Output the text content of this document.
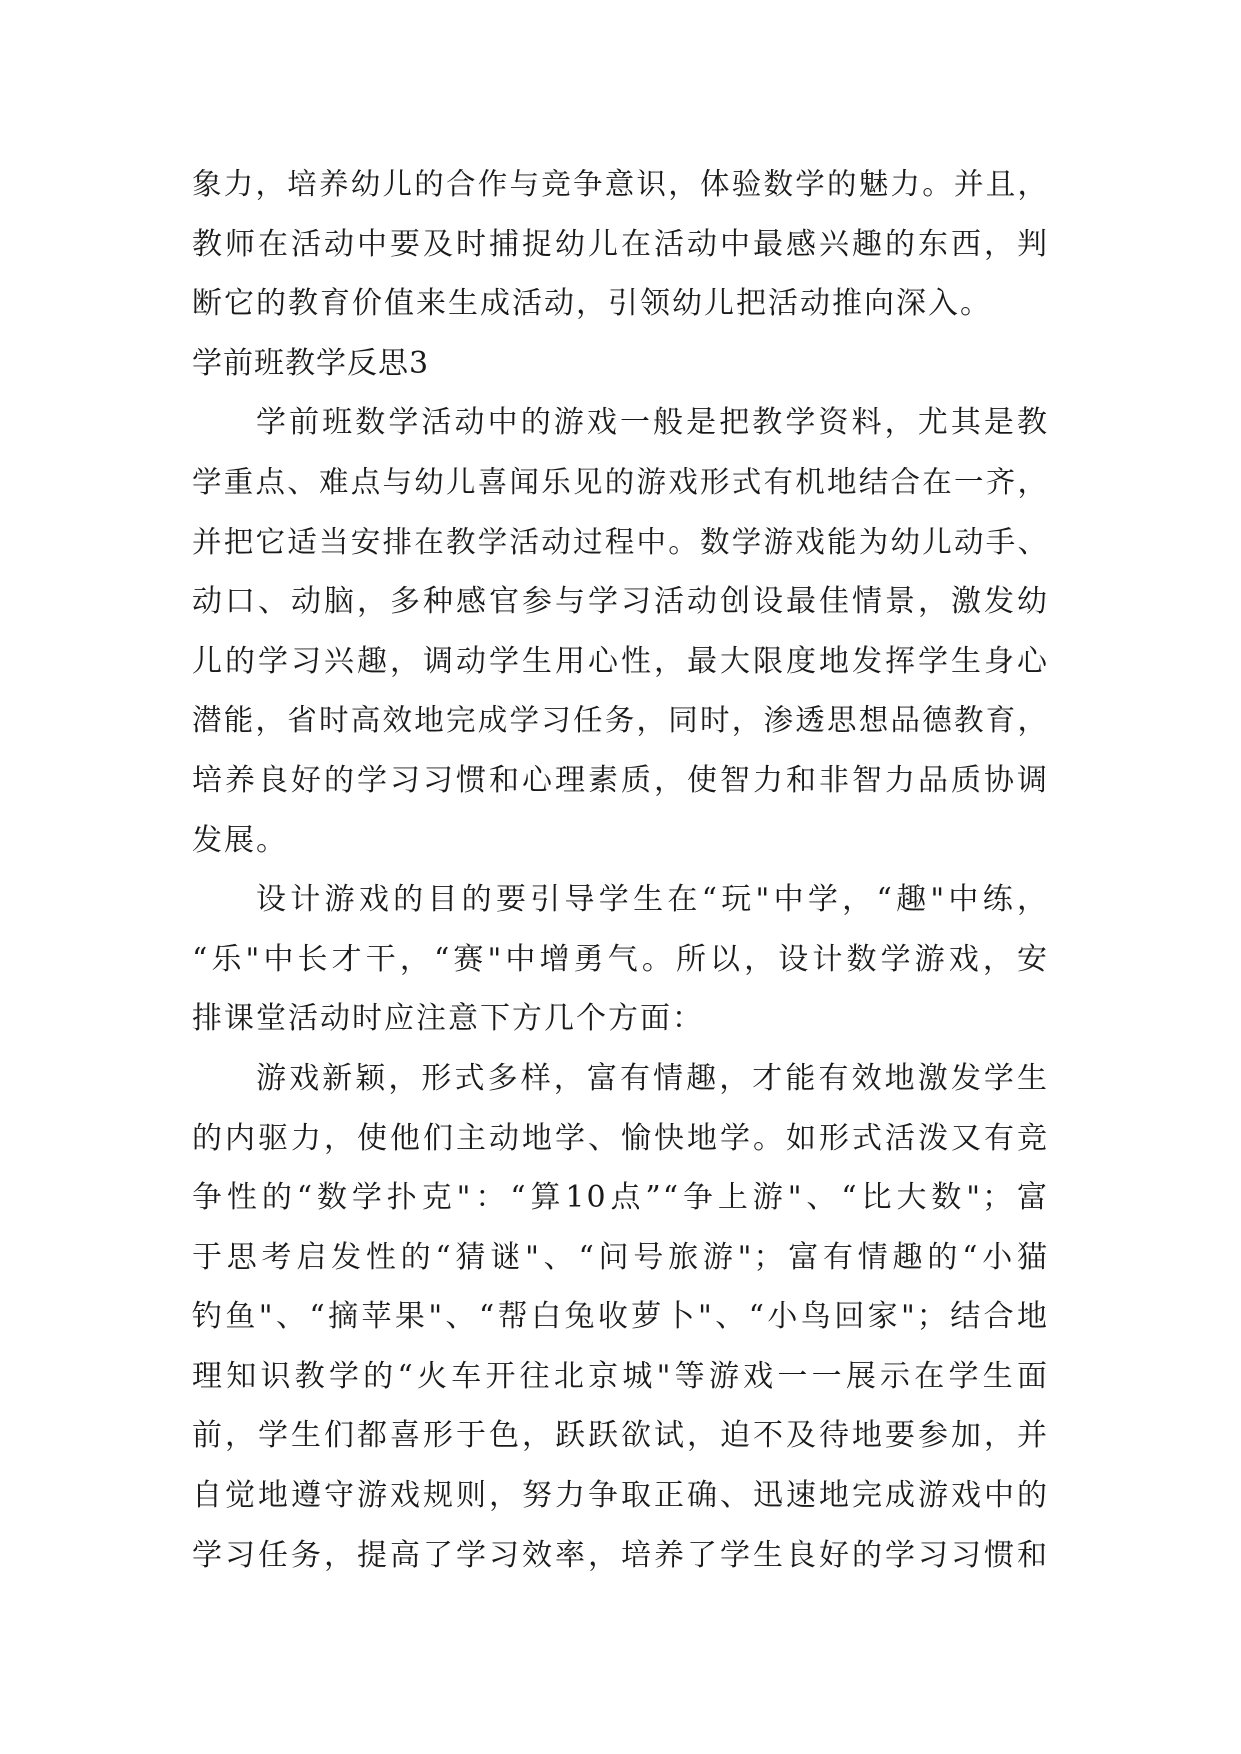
象力，培养幼儿的合作与竞争意识，体验数学的魅力。并且，
教师在活动中要及时捕捉幼儿在活动中最感兴趣的东西，判
断它的教育价值来生成活动，引领幼儿把活动推向深入。
学前班教学反思3
学前班数学活动中的游戏一般是把教学资料，尤其是教
学重点、难点与幼儿喜闻乐见的游戏形式有机地结合在一齐，
并把它适当安排在教学活动过程中。数学游戏能为幼儿动手、
动口、动脑，多种感官参与学习活动创设最佳情景，激发幼
儿的学习兴趣，调动学生用心性，最大限度地发挥学生身心
潜能，省时高效地完成学习任务，同时，渗透思想品德教育，
培养良好的学习习惯和心理素质，使智力和非智力品质协调
发展。
设计游戏的目的要引导学生在“玩"中学，“趣"中练，
“乐"中长才干，“赛"中增勇气。所以，设计数学游戏，安
排课堂活动时应注意下方几个方面：
游戏新颖，形式多样，富有情趣，才能有效地激发学生
的内驱力，使他们主动地学、愉快地学。如形式活泼又有竞
争性的“数学扑克"：“算10点”“争上游"、“比大数"；富
于思考启发性的“猜谜"、“问号旅游"；富有情趣的“小猫
钓鱼"、“摘苹果"、“帮白兔收萝卜"、“小鸟回家"；结合地
理知识教学的“火车开往北京城"等游戏一一展示在学生面
前，学生们都喜形于色，跃跃欲试，迫不及待地要参加，并
自觉地遵守游戏规则，努力争取正确、迅速地完成游戏中的
学习任务，提高了学习效率，培养了学生良好的学习习惯和
